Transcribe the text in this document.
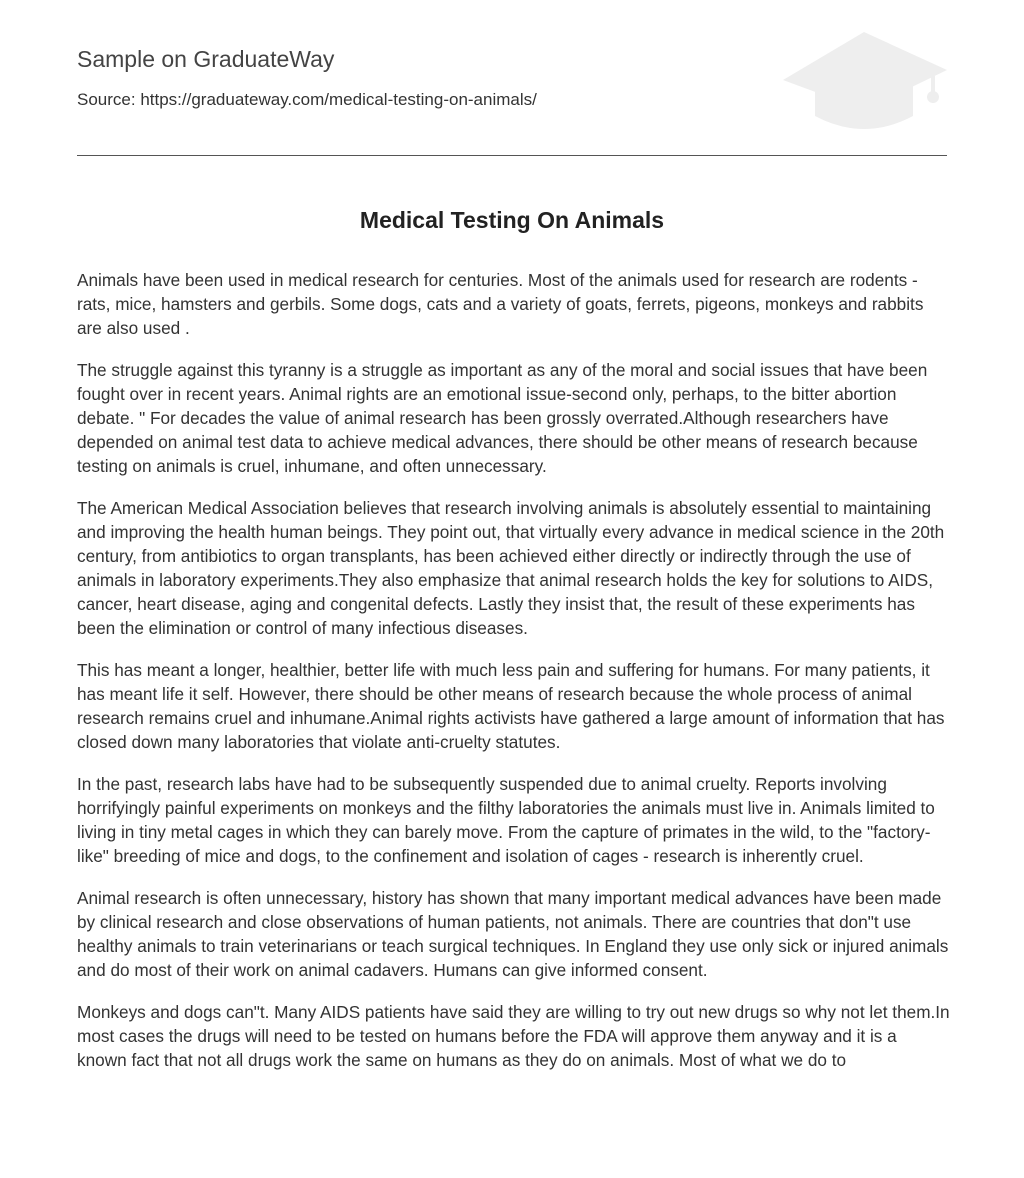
Sample on GraduateWay
Source: https://graduateway.com/medical-testing-on-animals/
Medical Testing On Animals

Animals have been used in medical research for centuries. Most of the animals used for research are rodents - rats, mice, hamsters and gerbils. Some dogs, cats and a variety of goats, ferrets, pigeons, monkeys and rabbits are also used .

The struggle against this tyranny is a struggle as important as any of the moral and social issues that have been fought over in recent years. Animal rights are an emotional issue-second only, perhaps, to the bitter abortion debate. " For decades the value of animal research has been grossly overrated.Although researchers have depended on animal test data to achieve medical advances, there should be other means of research because testing on animals is cruel, inhumane, and often unnecessary.

The American Medical Association believes that research involving animals is absolutely essential to maintaining and improving the health human beings. They point out, that virtually every advance in medical science in the 20th century, from antibiotics to organ transplants, has been achieved either directly or indirectly through the use of animals in laboratory experiments.They also emphasize that animal research holds the key for solutions to AIDS, cancer, heart disease, aging and congenital defects. Lastly they insist that, the result of these experiments has been the elimination or control of many infectious diseases.

This has meant a longer, healthier, better life with much less pain and suffering for humans. For many patients, it has meant life it self. However, there should be other means of research because the whole process of animal research remains cruel and inhumane.Animal rights activists have gathered a large amount of information that has closed down many laboratories that violate anti-cruelty statutes.

In the past, research labs have had to be subsequently suspended due to animal cruelty. Reports involving horrifyingly painful experiments on monkeys and the filthy laboratories the animals must live in. Animals limited to living in tiny metal cages in which they can barely move. From the capture of primates in the wild, to the "factory-like" breeding of mice and dogs, to the confinement and isolation of cages - research is inherently cruel.

Animal research is often unnecessary, history has shown that many important medical advances have been made by clinical research and close observations of human patients, not animals. There are countries that don"t use healthy animals to train veterinarians or teach surgical techniques. In England they use only sick or injured animals and do most of their work on animal cadavers. Humans can give informed consent.

Monkeys and dogs can"t. Many AIDS patients have said they are willing to try out new drugs so why not let them.In most cases the drugs will need to be tested on humans before the FDA will approve them anyway and it is a known fact that not all drugs work the same on humans as they do on animals. Most of what we do to
